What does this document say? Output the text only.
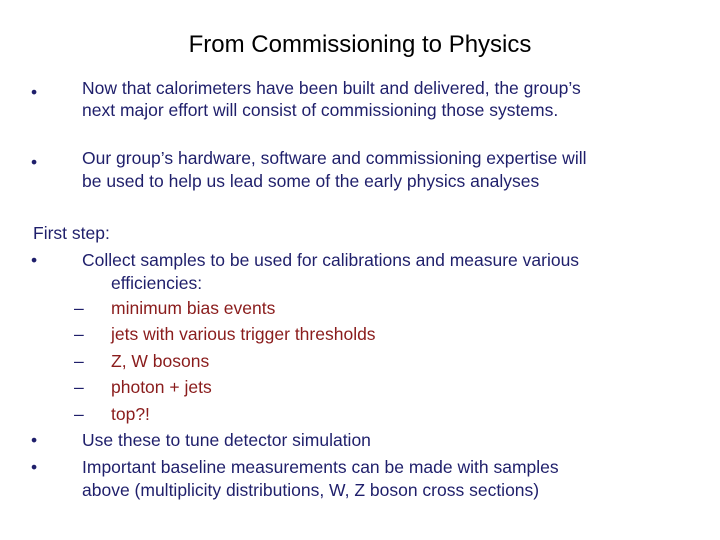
From Commissioning to Physics
•	Now that calorimeters have been built and delivered, the group’s
next major effort will consist of commissioning those systems.
•	Our group’s hardware, software and commissioning expertise will
be used to help us lead some of the early physics analyses
First step:
•	Collect samples to be used for calibrations and measure various
efficiencies:
– minimum bias events
– jets with various trigger thresholds
– Z, W bosons
– photon + jets
– top?!
•	Use these to tune detector simulation
•	Important baseline measurements can be made with samples
above (multiplicity distributions, W, Z boson cross sections)
